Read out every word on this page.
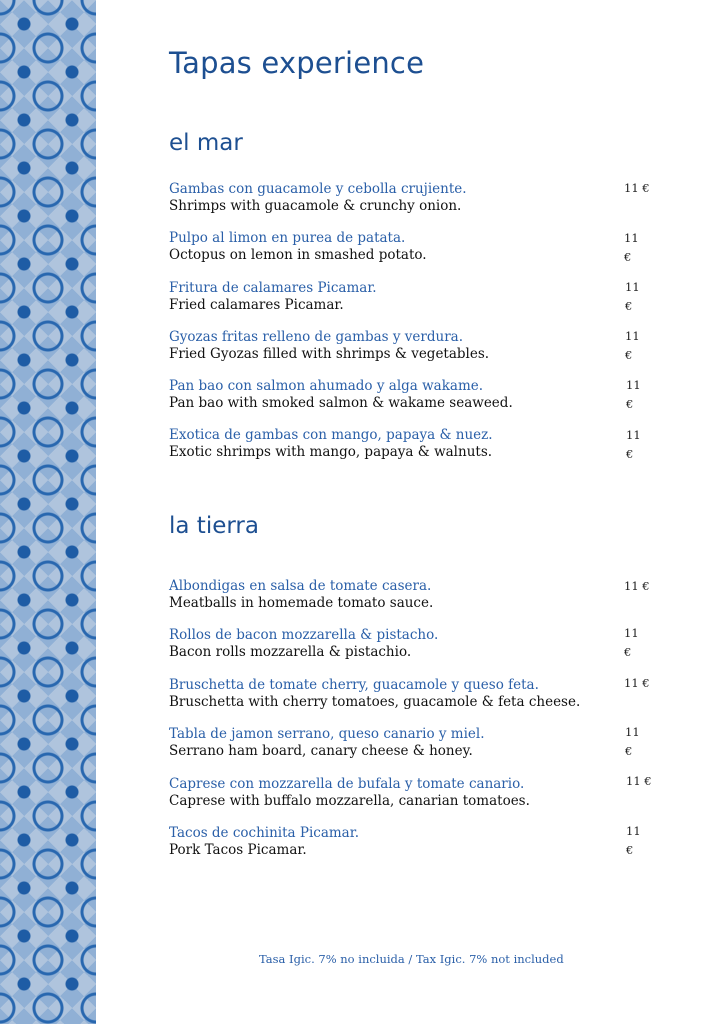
Tapas experience
el mar
Gambas con guacamole y cebolla crujiente.
Shrimps with guacamole & crunchy onion.
11 €
Pulpo al limon en purea de patata.
Octopus on lemon in smashed potato.
11
€
Fritura de calamares Picamar.
Fried calamares Picamar.
11
€
Gyozas fritas relleno de gambas y verdura.
Fried Gyozas filled with shrimps & vegetables.
11
€
Pan bao con salmon ahumado y alga wakame.
Pan bao with smoked salmon & wakame seaweed.
11
€
Exotica de gambas con mango, papaya & nuez.
Exotic shrimps with mango, papaya & walnuts.
11
€
la tierra
Albondigas en salsa de tomate casera.
Meatballs in homemade tomato sauce.
11 €
Rollos de bacon mozzarella & pistacho.
Bacon rolls mozzarella & pistachio.
11
€
Bruschetta de tomate cherry, guacamole y queso feta.
Bruschetta with cherry tomatoes, guacamole & feta cheese.
11 €
Tabla de jamon serrano, queso canario y miel.
Serrano ham board, canary cheese & honey.
11
€
Caprese con mozzarella de bufala y tomate canario.
Caprese with buffalo mozzarella, canarian tomatoes.
11 €
Tacos de cochinita Picamar.
Pork Tacos Picamar.
11
€

Tasa Igic. 7% no incluida / Tax Igic. 7% not included
